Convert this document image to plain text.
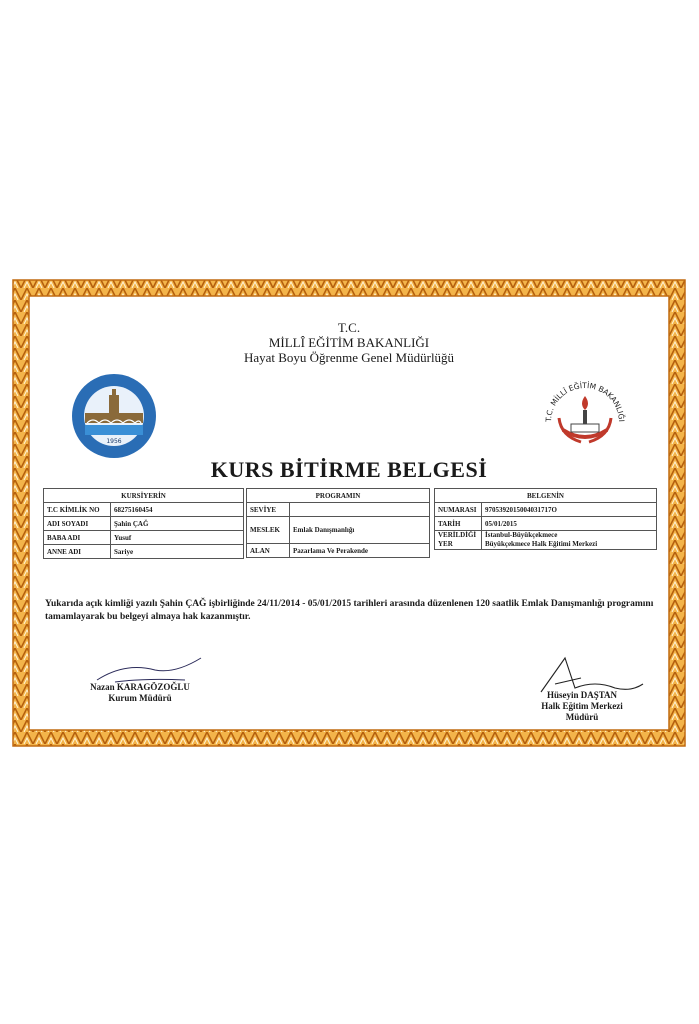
T.C.
MİLLÎ EĞİTİM BAKANLIĞI
Hayat Boyu Öğrenme Genel Müdürlüğü
1956
T.C. MİLLÎ EĞİTİM BAKANLIĞI
KURS BİTİRME BELGESİ
KURSİYERİN	
T.C KİMLİK NO	68275160454
ADI SOYADI	Şahin ÇAĞ
BABA ADI	Yusuf
ANNE ADI	Sariye
PROGRAMIN	
SEVİYE	
MESLEK	Emlak Danışmanlığı
ALAN	Pazarlama Ve Perakende
BELGENİN	
NUMARASI	9705392015004031717O
TARİH	05/01/2015
VERİLDİĞİ YER	İstanbul-Büyükçekmece
Büyükçekmece Halk Eğitimi Merkezi
Yukarıda açık kimliği yazılı Şahin ÇAĞ işbirliğinde 24/11/2014 - 05/01/2015 tarihleri arasında düzenlenen 120 saatlik Emlak Danışmanlığı programını tamamlayarak bu belgeyi almaya hak kazanmıştır.
Nazan KARAGÖZOĞLU
Kurum Müdürü	Hüseyin DAŞTAN
Halk Eğitim Merkezi
Müdürü
